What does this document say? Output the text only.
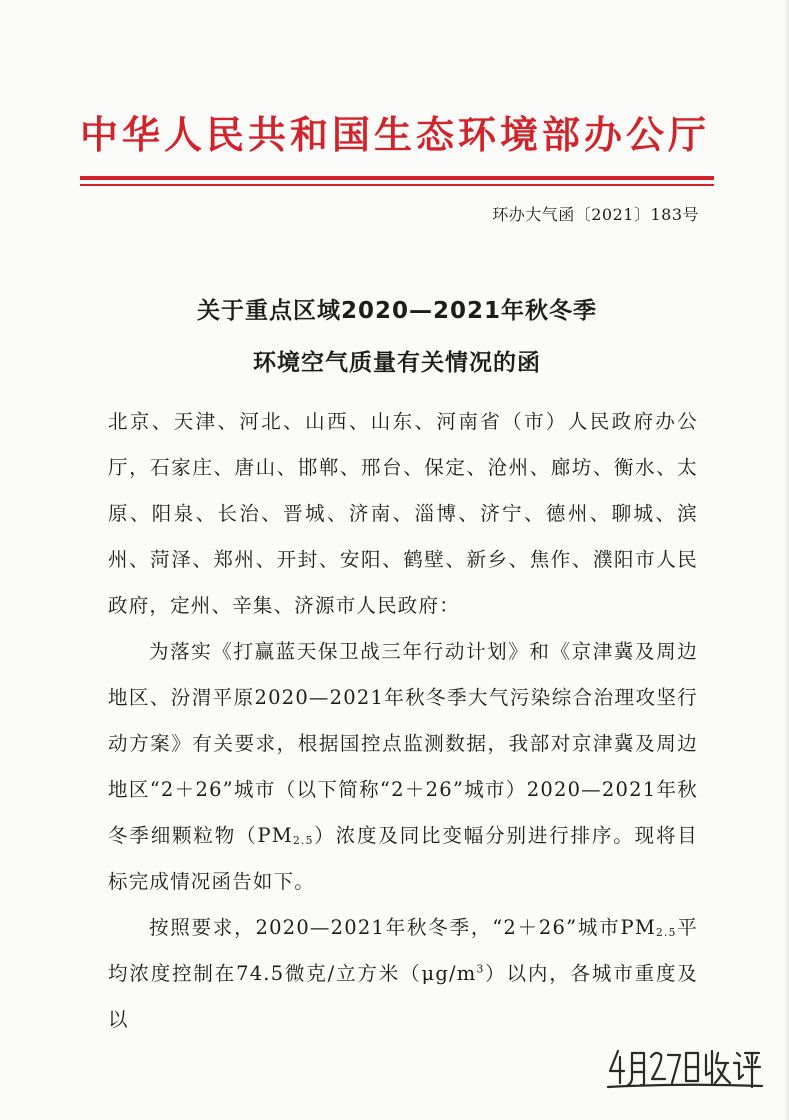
中华人民共和国生态环境部办公厅
环办大气函〔2021〕183号
关于重点区域2020—2021年秋冬季
环境空气质量有关情况的函

北京、天津、河北、山西、山东、河南省（市）人民政府办公厅，石家庄、唐山、邯郸、邢台、保定、沧州、廊坊、衡水、太原、阳泉、长治、晋城、济南、淄博、济宁、德州、聊城、滨州、菏泽、郑州、开封、安阳、鹤壁、新乡、焦作、濮阳市人民政府，定州、辛集、济源市人民政府：

为落实《打赢蓝天保卫战三年行动计划》和《京津冀及周边地区、汾渭平原2020—2021年秋冬季大气污染综合治理攻坚行动方案》有关要求，根据国控点监测数据，我部对京津冀及周边地区“2＋26”城市（以下简称“2＋26”城市）2020—2021年秋冬季细颗粒物$(PM_{2.5})$浓度及同比变幅分别进行排序。现将目标完成情况函告如下。

按照要求，2020—2021年秋冬季，“2＋26”城市$PM_{2.5}$平均浓度控制在74.5微克/立方米$(\mu g/m^3)$以内，各城市重度及以
